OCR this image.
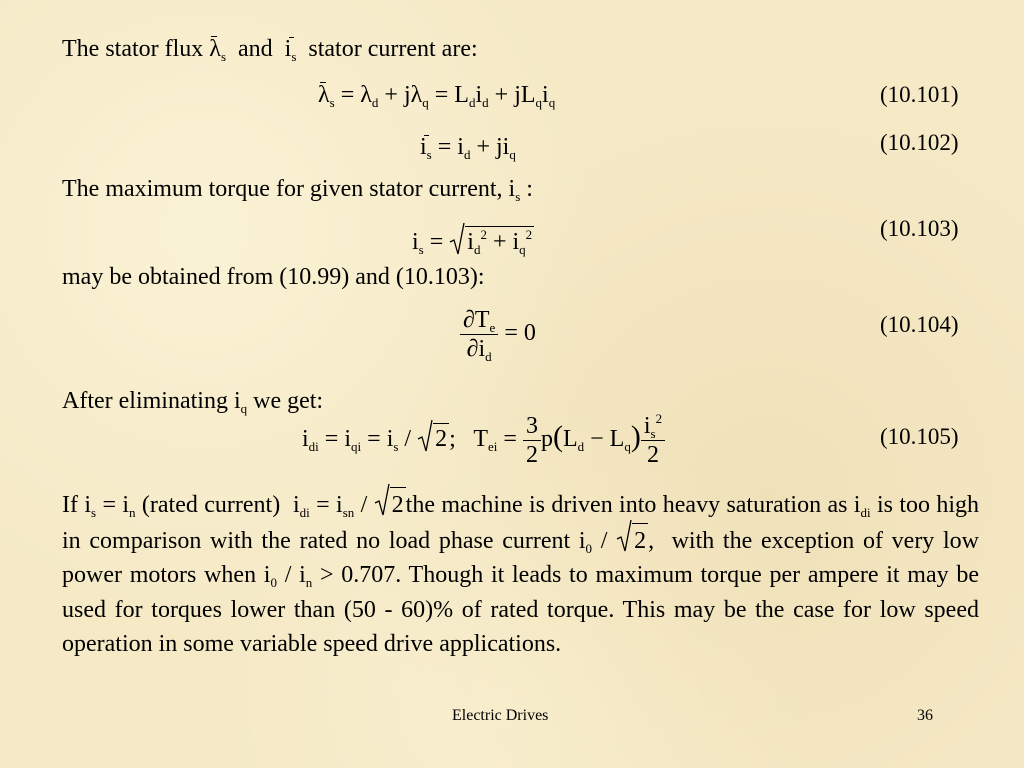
The stator flux $\lambda_s$ and $i_s$ stator current are:
$\lambda_s = \lambda_d + j\lambda_q = L_di_d + jL_qi_q$	(10.101)
$i_s = i_d + ji_q$	(10.102)
The maximum torque for given stator current, $i_s$ :
$i_s = i_d^2 + i_q^2$	(10.103)
may be obtained from (10.99) and (10.103):
$\frac{\partial T_e}{\partial i_d} = 0$	(10.104)
After eliminating $i_q$ we get:
$i_{di} = i_{qi} = i_s$ /
2;   $T_{ei} = \frac{3}{2} p(L_d - L_q) \frac{i_s^2}{2}$	(10.105)
If $i_s = i_n$ (rated current)  $i_{di} = i_{sn}$ /
2the machine is driven into heavy saturation as $i_{di}$ is too high in comparison with the rated no load phase current $i_0$ /
2,  with the exception of very low power motors when $i_0 / i_n > 0.707$. Though it leads to maximum torque per ampere it may be used for torques lower than (50 - 60)% of rated torque. This may be the case for low speed operation in some variable speed drive applications.
Electric Drives	36
